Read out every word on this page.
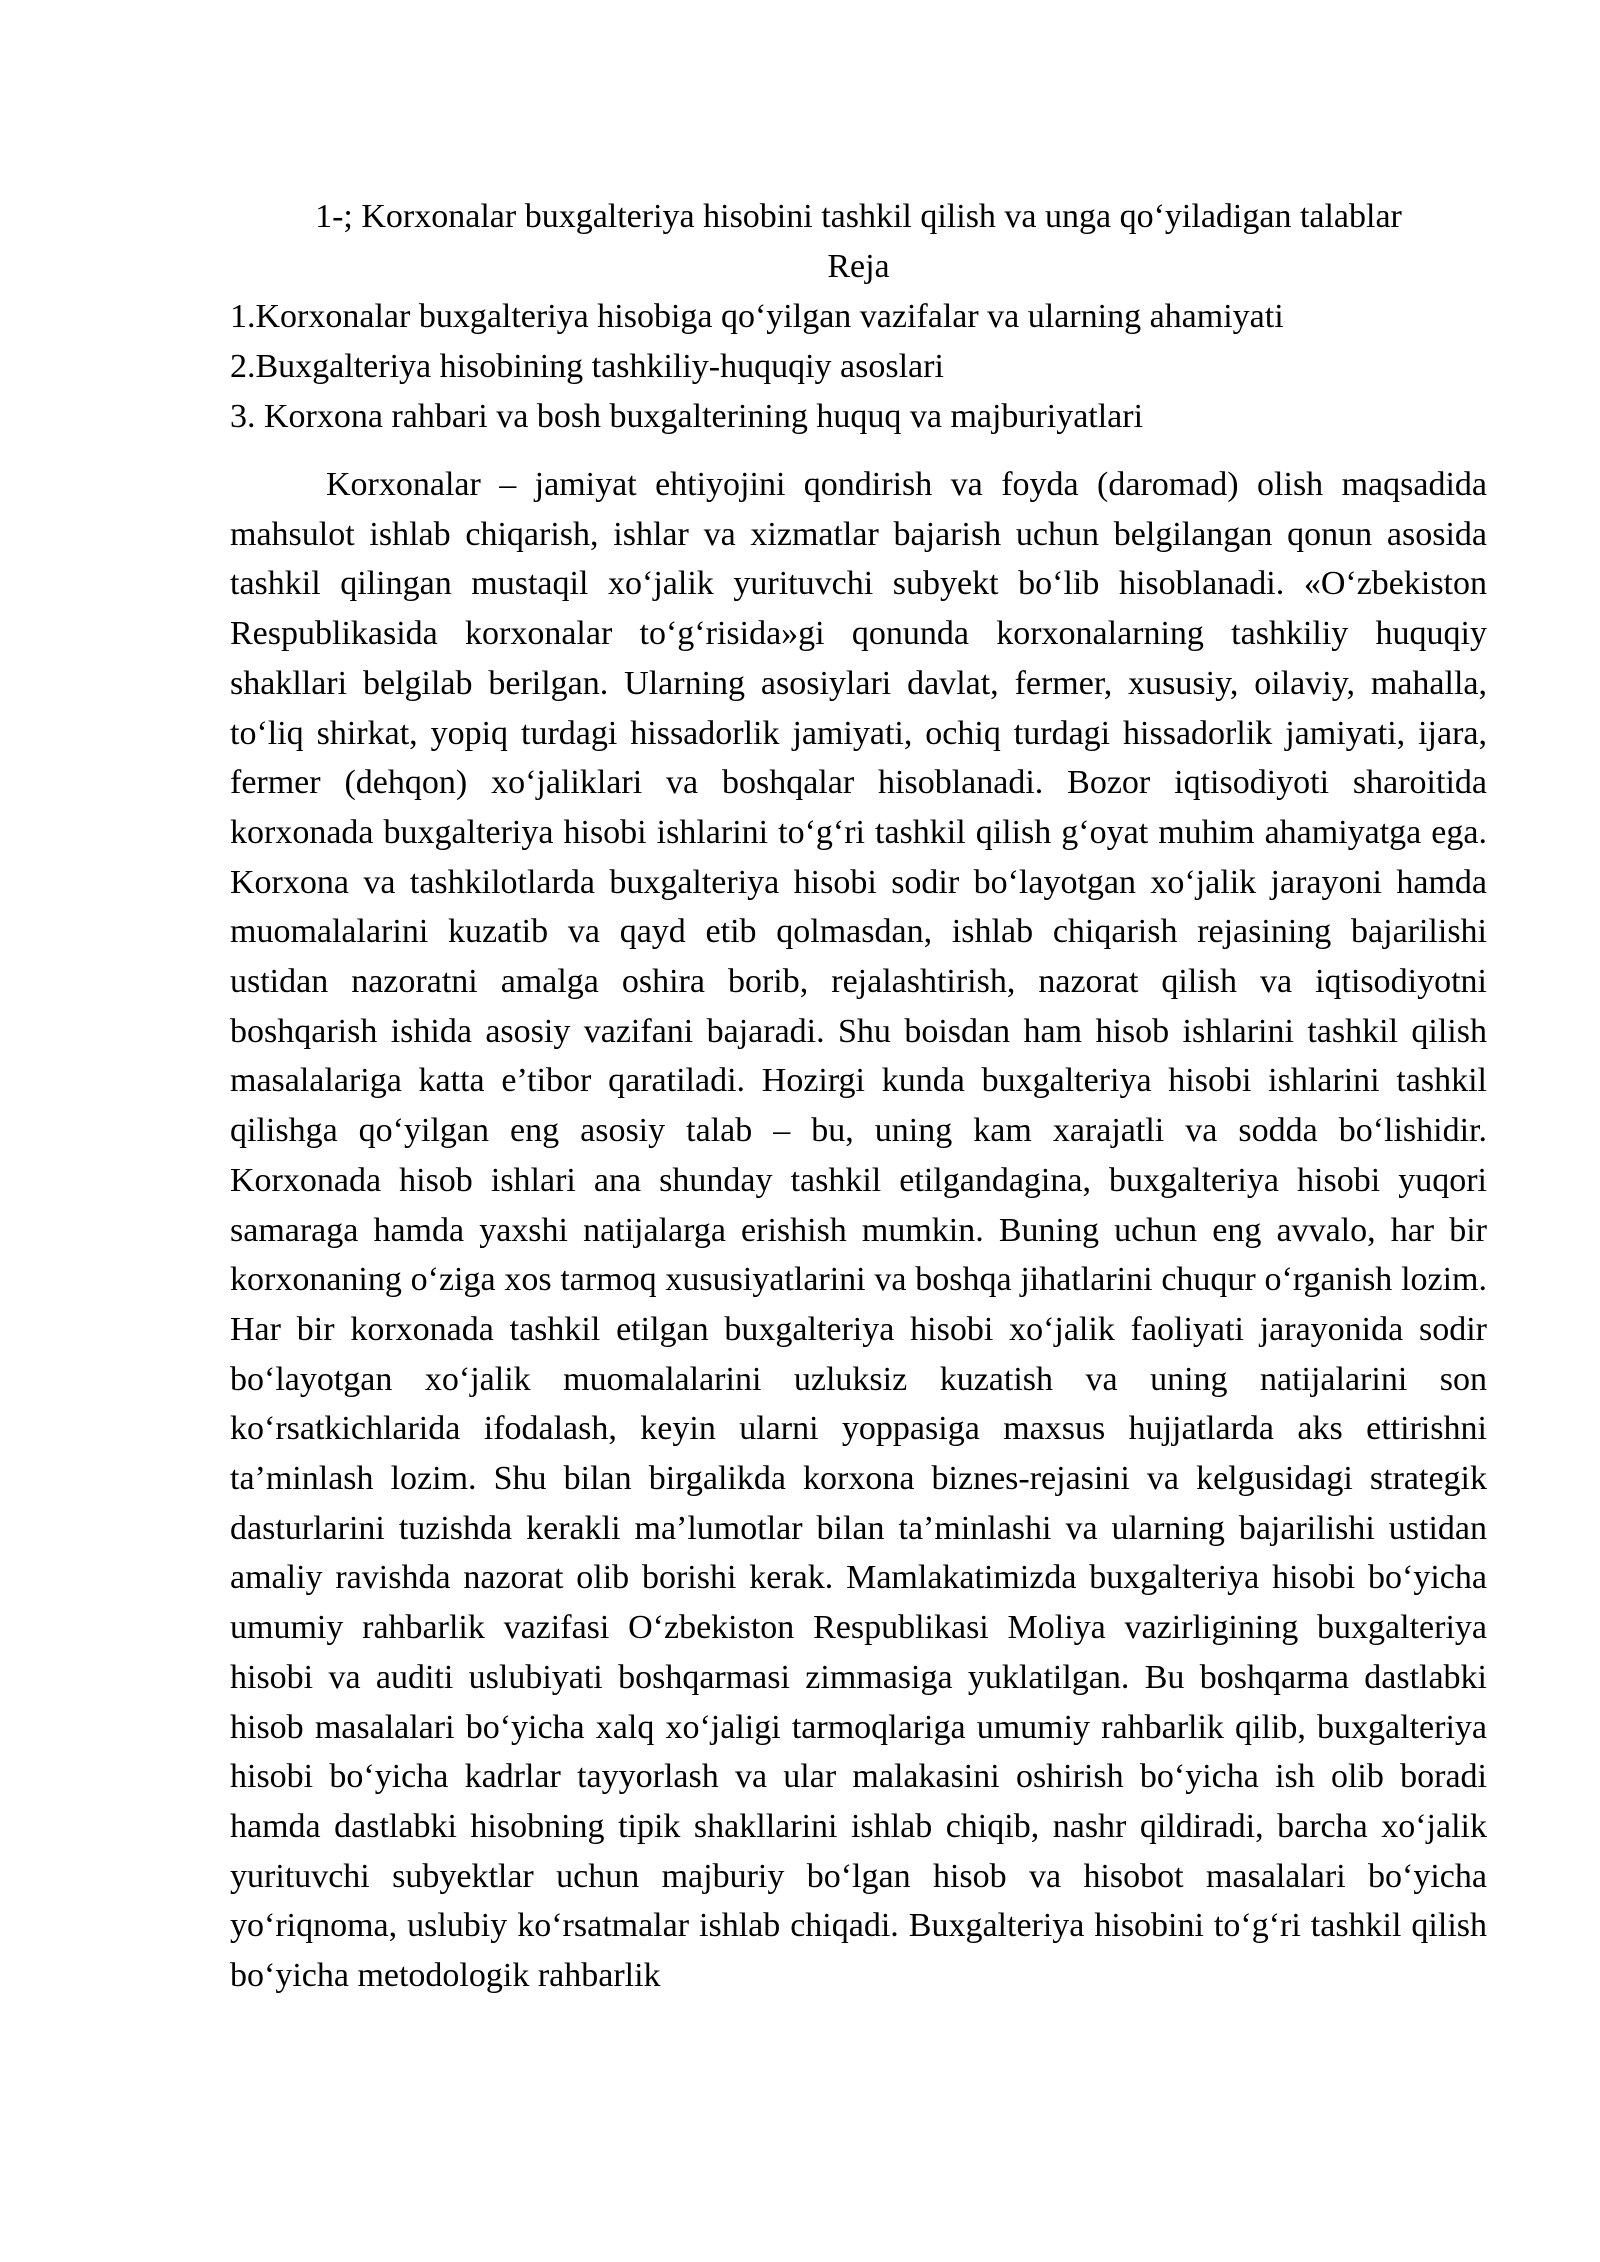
1-; Korxonalar buxgalteriya hisobini tashkil qilish va unga qo‘yiladigan talablar
Reja
1.Korxonalar buxgalteriya hisobiga qo‘yilgan vazifalar va ularning ahamiyati
2.Buxgalteriya hisobining tashkiliy-huquqiy asoslari
3. Korxona rahbari va bosh buxgalterining huquq va majburiyatlari

Korxonalar – jamiyat ehtiyojini qondirish va foyda (daromad) olish maqsadida mahsulot ishlab chiqarish, ishlar va xizmatlar bajarish uchun belgilangan qonun asosida tashkil qilingan mustaqil xo‘jalik yurituvchi subyekt bo‘lib hisoblanadi. «O‘zbekiston Respublikasida korxonalar to‘g‘risida»gi qonunda korxonalarning tashkiliy huquqiy shakllari belgilab berilgan. Ularning asosiylari davlat, fermer, xususiy, oilaviy, mahalla, to‘liq shirkat, yopiq turdagi hissadorlik jamiyati, ochiq turdagi hissadorlik jamiyati, ijara, fermer (dehqon) xo‘jaliklari va boshqalar hisoblanadi. Bozor iqtisodiyoti sharoitida korxonada buxgalteriya hisobi ishlarini to‘g‘ri tashkil qilish g‘oyat muhim ahamiyatga ega. Korxona va tashkilotlarda buxgalteriya hisobi sodir bo‘layotgan xo‘jalik jarayoni hamda muomalalarini kuzatib va qayd etib qolmasdan, ishlab chiqarish rejasining bajarilishi ustidan nazoratni amalga oshira borib, rejalashtirish, nazorat qilish va iqtisodiyotni boshqarish ishida asosiy vazifani bajaradi. Shu boisdan ham hisob ishlarini tashkil qilish masalalariga katta e’tibor qaratiladi. Hozirgi kunda buxgalteriya hisobi ishlarini tashkil qilishga qo‘yilgan eng asosiy talab – bu, uning kam xarajatli va sodda bo‘lishidir. Korxonada hisob ishlari ana shunday tashkil etilgandagina, buxgalteriya hisobi yuqori samaraga hamda yaxshi natijalarga erishish mumkin. Buning uchun eng avvalo, har bir korxonaning o‘ziga xos tarmoq xususiyatlarini va boshqa jihatlarini chuqur o‘rganish lozim. Har bir korxonada tashkil etilgan buxgalteriya hisobi xo‘jalik faoliyati jarayonida sodir bo‘layotgan xo‘jalik muomalalarini uzluksiz kuzatish va uning natijalarini son ko‘rsatkichlarida ifodalash, keyin ularni yoppasiga maxsus hujjatlarda aks ettirishni ta’minlash lozim. Shu bilan birgalikda korxona biznes-rejasini va kelgusidagi strategik dasturlarini tuzishda kerakli ma’lumotlar bilan ta’minlashi va ularning bajarilishi ustidan amaliy ravishda nazorat olib borishi kerak. Mamlakatimizda buxgalteriya hisobi bo‘yicha umumiy rahbarlik vazifasi O‘zbekiston Respublikasi Moliya vazirligining buxgalteriya hisobi va auditi uslubiyati boshqarmasi zimmasiga yuklatilgan. Bu boshqarma dastlabki hisob masalalari bo‘yicha xalq xo‘jaligi tarmoqlariga umumiy rahbarlik qilib, buxgalteriya hisobi bo‘yicha kadrlar tayyorlash va ular malakasini oshirish bo‘yicha ish olib boradi hamda dastlabki hisobning tipik shakllarini ishlab chiqib, nashr qildiradi, barcha xo‘jalik yurituvchi subyektlar uchun majburiy bo‘lgan hisob va hisobot masalalari bo‘yicha yo‘riqnoma, uslubiy ko‘rsatmalar ishlab chiqadi. Buxgalteriya hisobini to‘g‘ri tashkil qilish bo‘yicha metodologik rahbarlik
